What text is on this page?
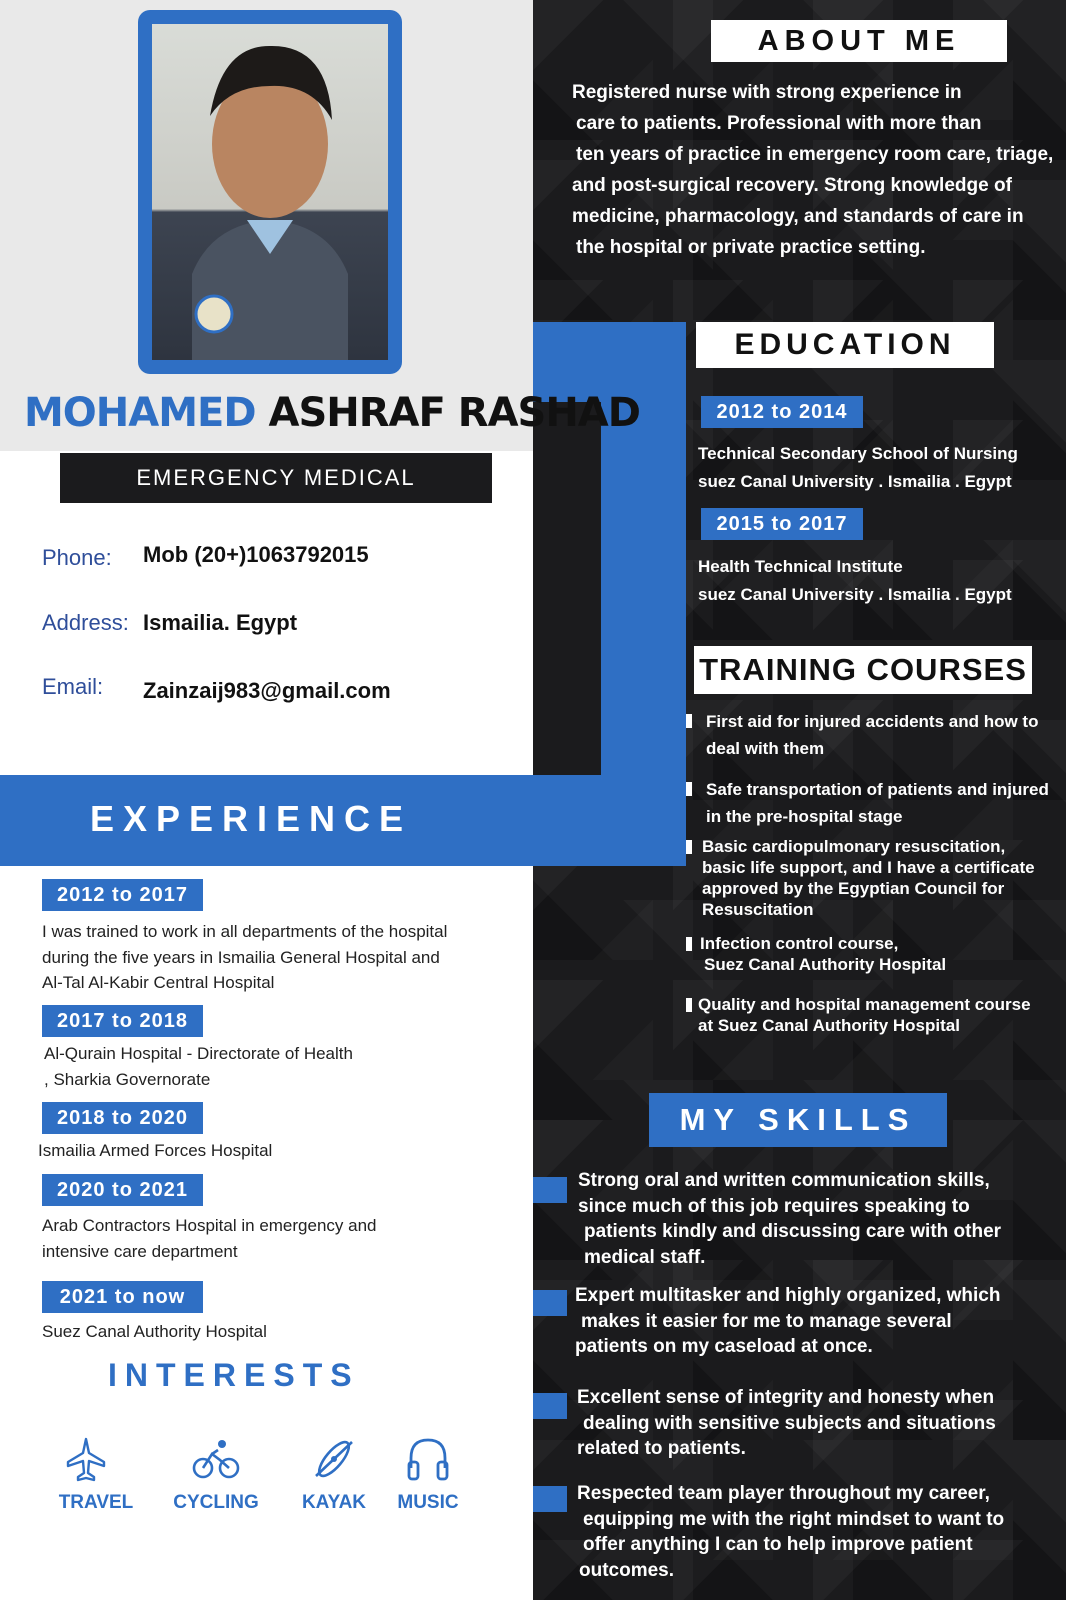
MOHAMED ASHRAF RASHAD
EMERGENCY MEDICAL TECHNICIAN
Phone: Mob (20+)1063792015
Address: Ismailia. Egypt
Email: Zainzaij983@gmail.com
EXPERIENCE
2012 to 2017
I was trained to work in all departments of the hospital
during the five years in Ismailia General Hospital and
Al-Tal Al-Kabir Central Hospital
2017 to 2018
Al-Qurain Hospital - Directorate of Health
, Sharkia Governorate
2018 to 2020
Ismailia Armed Forces Hospital
2020 to 2021
Arab Contractors Hospital in emergency and
intensive care department
2021 to now
Suez Canal Authority Hospital
INTERESTS
TRAVEL	CYCLING	KAYAK	MUSIC
ABOUT ME
Registered nurse with strong experience in
care to patients. Professional with more than
ten years of practice in emergency room care, triage,
and post-surgical recovery. Strong knowledge of
medicine, pharmacology, and standards of care in
the hospital or private practice setting.
EDUCATION
2012 to 2014
Technical Secondary School of Nursing
suez Canal University . Ismailia . Egypt
2015 to 2017
Health Technical Institute
suez Canal University . Ismailia . Egypt
TRAINING COURSES
First aid for injured accidents and how to
deal with them
Safe transportation of patients and injured
in the pre-hospital stage
Basic cardiopulmonary resuscitation,
basic life support, and I have a certificate
approved by the Egyptian Council for
Resuscitation
Infection control course,
Suez Canal Authority Hospital
Quality and hospital management course
at Suez Canal Authority Hospital
MY SKILLS
Strong oral and written communication skills,
since much of this job requires speaking to
patients kindly and discussing care with other
medical staff.
Expert multitasker and highly organized, which
makes it easier for me to manage several
patients on my caseload at once.
Excellent sense of integrity and honesty when
dealing with sensitive subjects and situations
related to patients.
Respected team player throughout my career,
equipping me with the right mindset to want to
offer anything I can to help improve patient
outcomes.
